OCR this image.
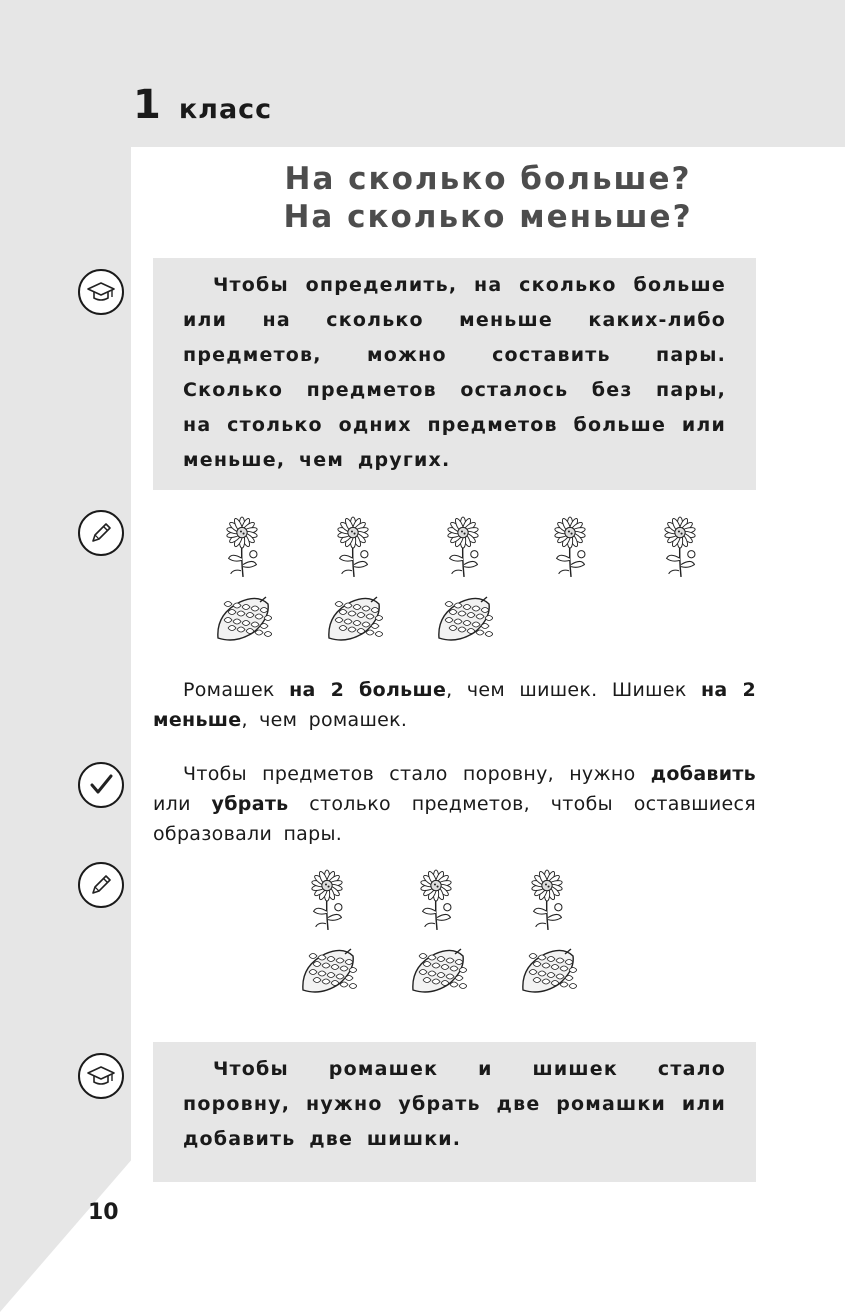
1 класс
На сколько больше?
На сколько меньше?
Чтобы определить, на сколько больше или на сколько меньше каких-либо предметов, можно составить пары. Сколько предметов осталось без пары, на столько одних предметов больше или меньше, чем других.
Ромашек на 2 больше, чем шишек. Шишек на 2 меньше, чем ромашек.
Чтобы предметов стало поровну, нужно добавить или убрать столько предметов, чтобы оставшиеся образовали пары.
Чтобы ромашек и шишек стало поровну, нужно убрать две ромашки или добавить две шишки.
10
